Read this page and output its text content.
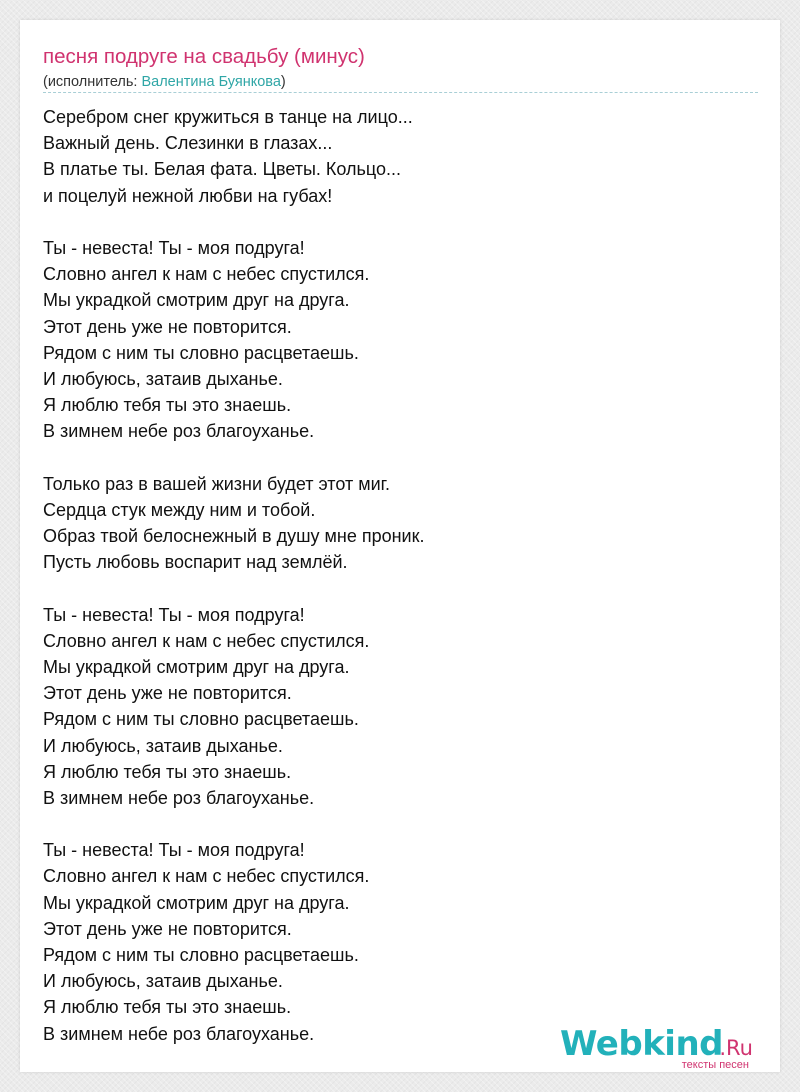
песня подруге на свадьбу (минус)
(исполнитель: Валентина Буянкова)
Серебром снег кружиться в танце на лицо...
Важный день. Слезинки в глазах...
В платье ты. Белая фата. Цветы. Кольцо...
и поцелуй нежной любви на губах!
Ты - невеста! Ты - моя подруга!
Словно ангел к нам с небес спустился.
Мы украдкой смотрим друг на друга.
Этот день уже не повторится.
Рядом с ним ты словно расцветаешь.
И любуюсь, затаив дыханье.
Я люблю тебя ты это знаешь.
В зимнем небе роз благоуханье.
Только раз в вашей жизни будет этот миг.
Сердца стук между ним и тобой.
Образ твой белоснежный в душу мне проник.
Пусть любовь воспарит над землёй.
Ты - невеста! Ты - моя подруга!
Словно ангел к нам с небес спустился.
Мы украдкой смотрим друг на друга.
Этот день уже не повторится.
Рядом с ним ты словно расцветаешь.
И любуюсь, затаив дыханье.
Я люблю тебя ты это знаешь.
В зимнем небе роз благоуханье.
Ты - невеста! Ты - моя подруга!
Словно ангел к нам с небес спустился.
Мы украдкой смотрим друг на друга.
Этот день уже не повторится.
Рядом с ним ты словно расцветаешь.
И любуюсь, затаив дыханье.
Я люблю тебя ты это знаешь.
В зимнем небе роз благоуханье.	Webkind
.Ru
тексты песен
